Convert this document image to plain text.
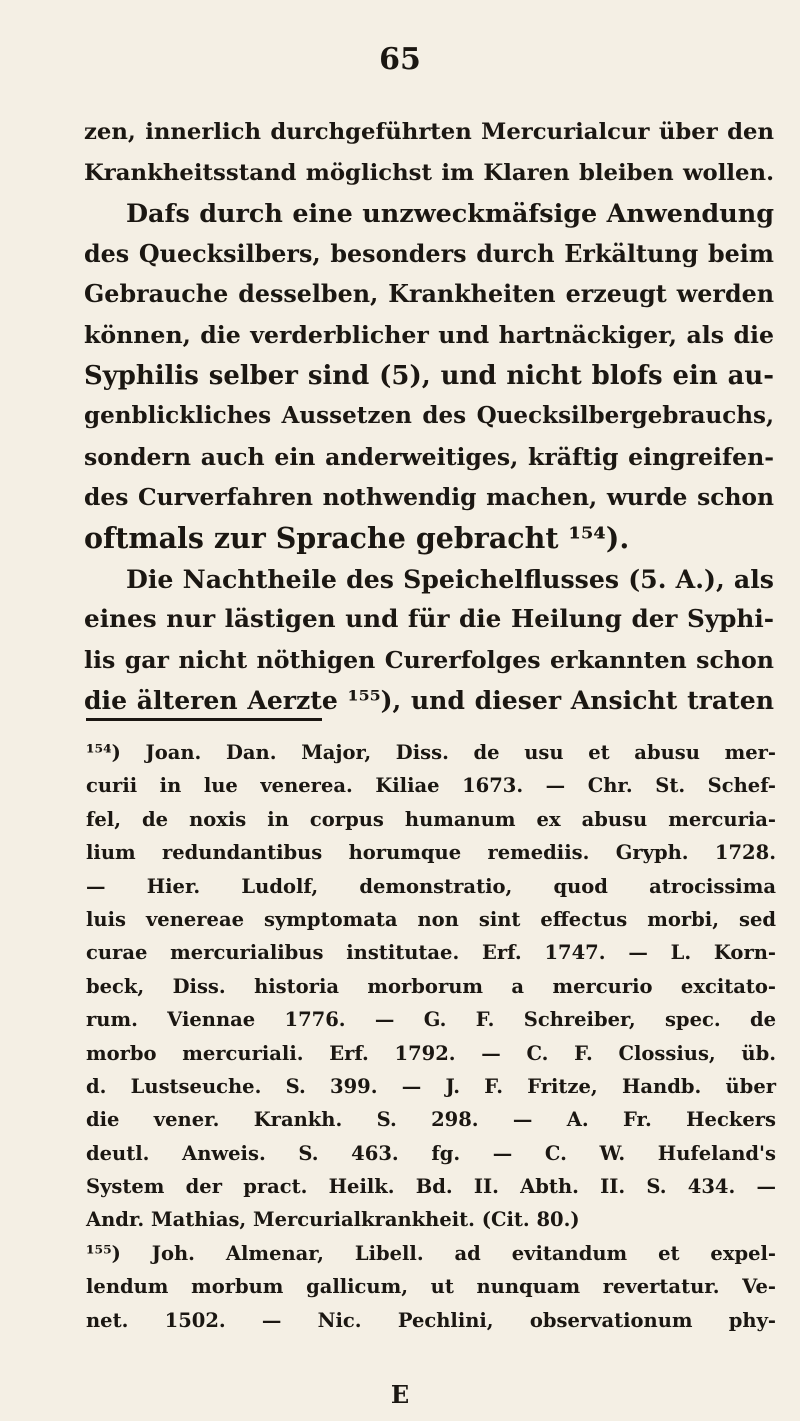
65
zen, innerlich durchgeführten Mercurialcur über den
Krankheitsstand möglichst im Klaren bleiben wollen.
Dafs durch eine unzweckmäfsige Anwendung
des Quecksilbers, besonders durch Erkältung beim
Gebrauche desselben, Krankheiten erzeugt werden
können, die verderblicher und hartnäckiger, als die
Syphilis selber sind (5), und nicht blofs ein au-
genblickliches Aussetzen des Quecksilbergebrauchs,
sondern auch ein anderweitiges, kräftig eingreifen-
des Curverfahren nothwendig machen, wurde schon
oftmals zur Sprache gebracht ¹⁵⁴).
Die Nachtheile des Speichelflusses (5. A.), als
eines nur lästigen und für die Heilung der Syphi-
lis gar nicht nöthigen Curerfolges erkannten schon
die älteren Aerzte ¹⁵⁵), und dieser Ansicht traten
¹⁵⁴) Joan. Dan. Major, Diss. de usu et abusu mer-
curii in lue venerea. Kiliae 1673. — Chr. St. Schef-
fel, de noxis in corpus humanum ex abusu mercuria-
lium redundantibus horumque remediis. Gryph. 1728.
— Hier. Ludolf, demonstratio, quod atrocissima
luis venereae symptomata non sint effectus morbi, sed
curae mercurialibus institutae. Erf. 1747. — L. Korn-
beck, Diss. historia morborum a mercurio excitato-
rum. Viennae 1776. — G. F. Schreiber, spec. de
morbo mercuriali. Erf. 1792. — C. F. Clossius, üb.
d. Lustseuche. S. 399. — J. F. Fritze, Handb. über
die vener. Krankh. S. 298. — A. Fr. Heckers
deutl. Anweis. S. 463. fg. — C. W. Hufeland's
System der pract. Heilk. Bd. II. Abth. II. S. 434. —
Andr. Mathias, Mercurialkrankheit. (Cit. 80.)
¹⁵⁵) Joh. Almenar, Libell. ad evitandum et expel-
lendum morbum gallicum, ut nunquam revertatur. Ve-
net. 1502. — Nic. Pechlini, observationum phy-
E
